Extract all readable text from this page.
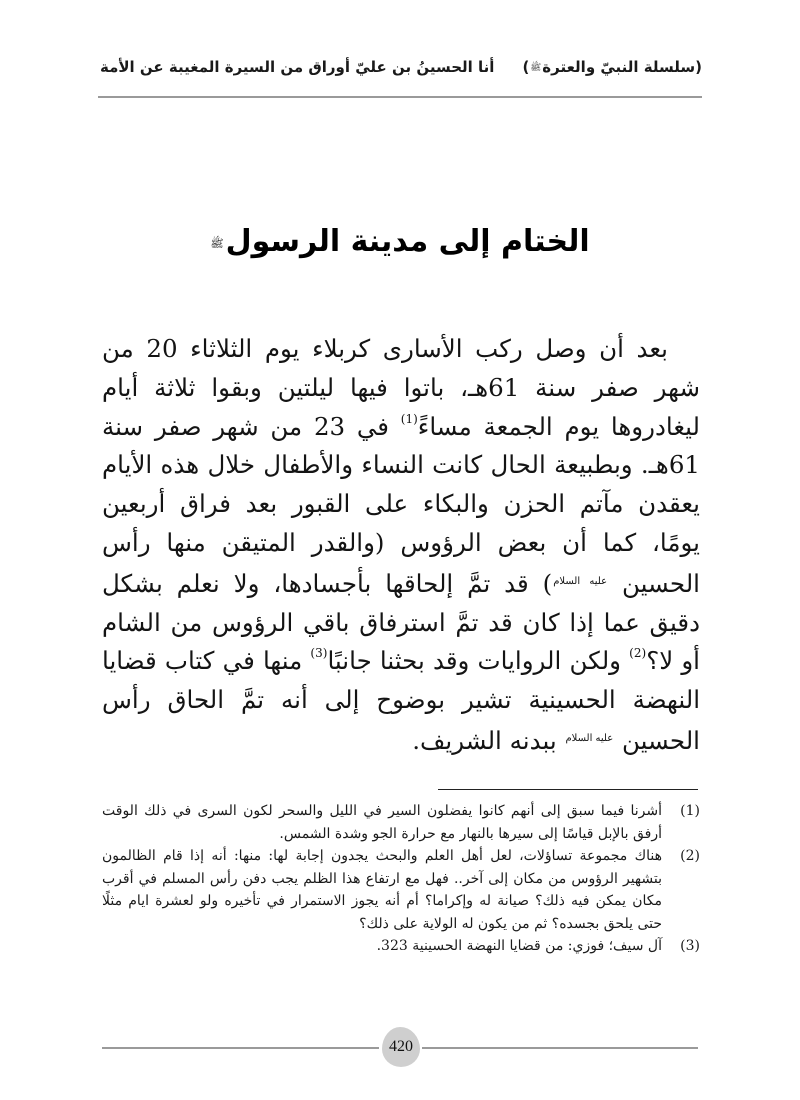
(سلسلة النبيّ والعترةﷺ)
أنا الحسينُ بن عليّ أوراق من السيرة المغيبة عن الأمة
الختام إلى مدينة الرسولﷺ

بعد أن وصل ركب الأسارى كربلاء يوم الثلاثاء 20 من شهر صفر سنة 61هـ، باتوا فيها ليلتين وبقوا ثلاثة أيام ليغادروها يوم الجمعة مساءً$^{(1)}$ في 23 من شهر صفر سنة 61هـ. وبطبيعة الحال كانت النساء والأطفال خلال هذه الأيام يعقدن مآتم الحزن والبكاء على القبور بعد فراق أربعين يومًا، كما أن بعض الرؤوس (والقدر المتيقن منها رأس الحسين $^{عليه السلام}$) قد تمَّ إلحاقها بأجسادها، ولا نعلم بشكل دقيق عما إذا كان قد تمَّ استرفاق باقي الرؤوس من الشام أو لا؟$^{(2)}$ ولكن الروايات وقد بحثنا جانبًا$^{(3)}$ منها في كتاب قضايا النهضة الحسينية تشير بوضوح إلى أنه تمَّ الحاق رأس الحسين $^{عليه السلام}$ ببدنه الشريف.

(1)
أشرنا فيما سبق إلى أنهم كانوا يفضلون السير في الليل والسحر لكون السرى في ذلك الوقت أرفق بالإبل قياسًا إلى سيرها بالنهار مع حرارة الجو وشدة الشمس.
(2)
هناك مجموعة تساؤلات، لعل أهل العلم والبحث يجدون إجابة لها: منها: أنه إذا قام الظالمون بتشهير الرؤوس من مكان إلى آخر.. فهل مع ارتفاع هذا الظلم يجب دفن رأس المسلم في أقرب مكان يمكن فيه ذلك؟ صيانة له وإكراما؟ أم أنه يجوز الاستمرار في تأخيره ولو لعشرة ايام مثلًا حتى يلحق بجسده؟ ثم من يكون له الولاية على ذلك؟
(3)
آل سيف؛ فوزي: من قضايا النهضة الحسينية 323.
420
